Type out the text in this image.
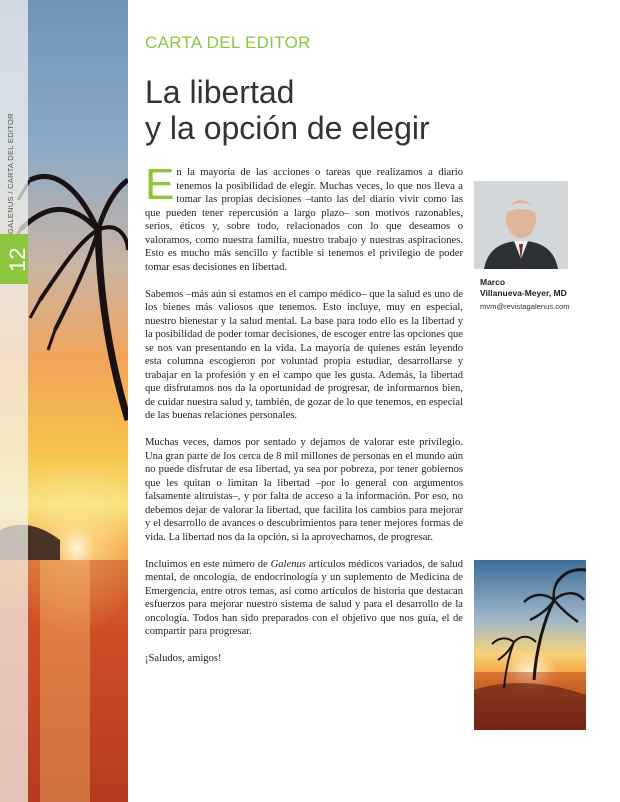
GALENUS / CARTA DEL EDITOR
12
CARTA DEL EDITOR
La libertad
y la opción de elegir

En la mayoría de las acciones o tareas que realizamos a diario tenemos la posibilidad de elegir. Muchas veces, lo que nos lleva a tomar las propias decisiones –tanto las del diario vivir como las que pueden tener repercusión a largo plazo– son motivos razonables, serios, éticos y, sobre todo, relacionados con lo que deseamos o valoramos, como nuestra familia, nuestro trabajo y nuestras aspiraciones. Esto es mucho más sencillo y factible si tenemos el privilegio de poder tomar esas decisiones en libertad.

Sabemos –más aún si estamos en el campo médico– que la salud es uno de los bienes más valiosos que tenemos. Esto incluye, muy en especial, nuestro bienestar y la salud mental. La base para todo ello es la libertad y la posibilidad de poder tomar decisiones, de escoger entre las opciones que se nos van presentando en la vida. La mayoría de quienes están leyendo esta columna escogieron por voluntad propia estudiar, desarrollarse y trabajar en la profesión y en el campo que les gusta. Además, la libertad que disfrutamos nos da la oportunidad de progresar, de informarnos bien, de cuidar nuestra salud y, también, de gozar de lo que tenemos, en especial de las buenas relaciones personales.

Muchas veces, damos por sentado y dejamos de valorar este privilegio. Una gran parte de los cerca de 8 mil millones de personas en el mundo aún no puede disfrutar de esa libertad, ya sea por pobreza, por tener gobiernos que les quitan o limitan la libertad –por lo general con argumentos falsamente altruistas–, y por falta de acceso a la información. Por eso, no debemos dejar de valorar la libertad, que facilita los cambios para mejorar y el desarrollo de avances o descubrimientos para tener mejores formas de vida. La libertad nos da la opción, si la aprovechamos, de progresar.

Incluimos en este número de Galenus artículos médicos variados, de salud mental, de oncología, de endocrinología y un suplemento de Medicina de Emergencia, entre otros temas, así como artículos de historia que destacan esfuerzos para mejorar nuestro sistema de salud y para el desarrollo de la oncología. Todos han sido preparados con el objetivo que nos guía, el de compartir para progresar.

¡Saludos, amigos!

Marco
Villanueva-Meyer, MD
mvm@revistagalenus.com
